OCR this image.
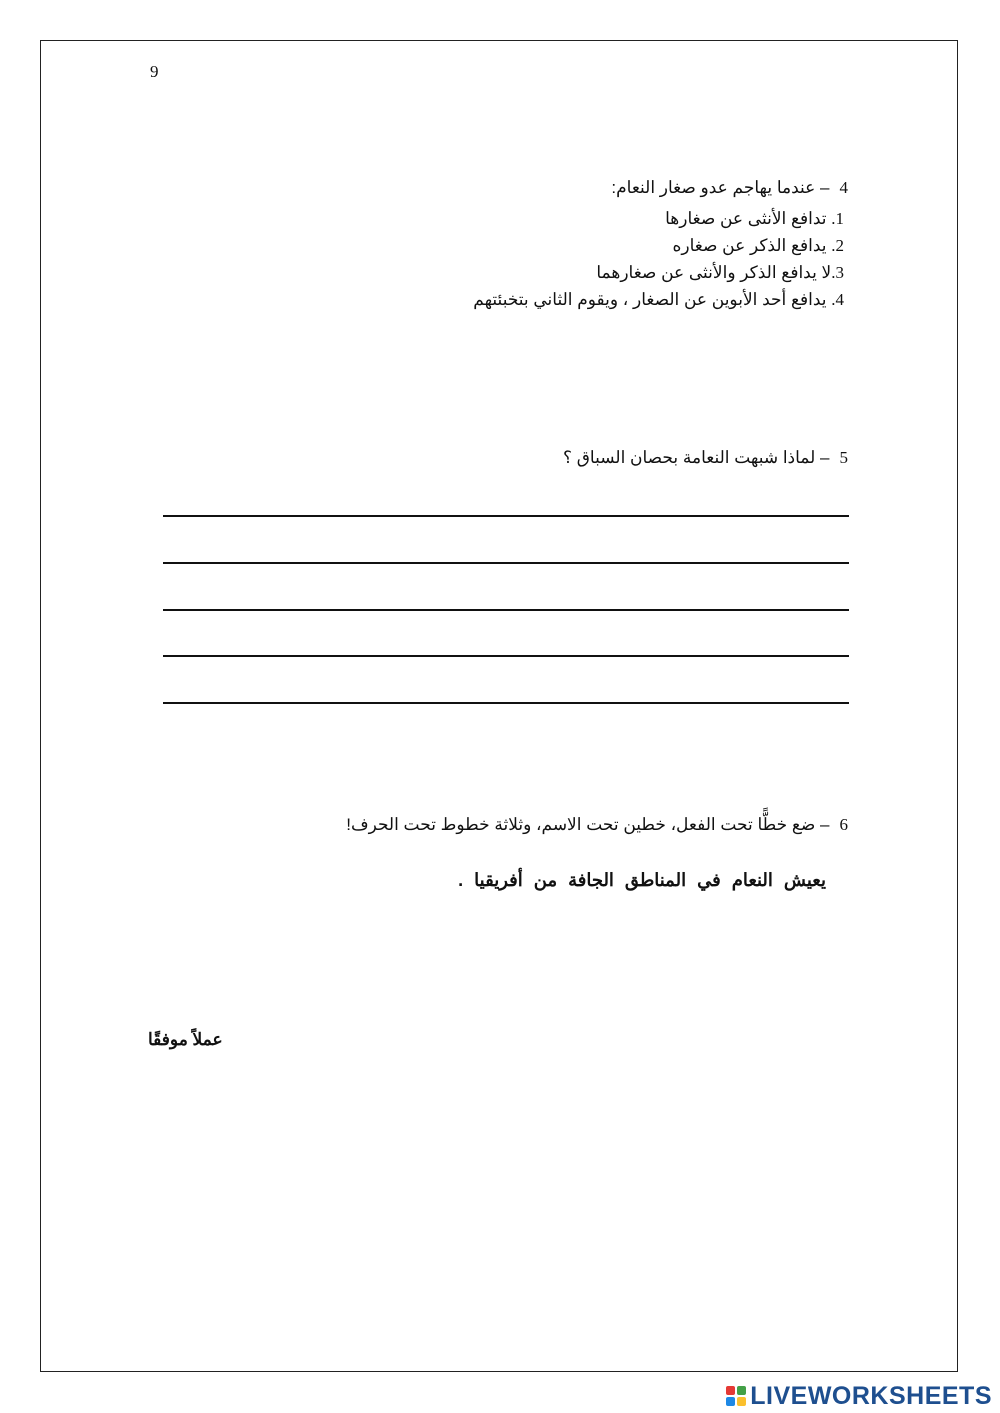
9
4– عندما يهاجم عدو صغار النعام:
1. تدافع الأنثى عن صغارها
2. يدافع الذكر عن صغاره
3.لا يدافع الذكر والأنثى عن صغارهما
4. يدافع أحد الأبوين عن الصغار ، ويقوم الثاني بتخبئتهم
5– لماذا شبهت النعامة بحصان السباق ؟
6– ضع خطًّا تحت الفعل، خطين تحت الاسم، وثلاثة خطوط تحت الحرف!
يعيش النعام في المناطق الجافة من أفريقيا .
عملاً موفقًا
LIVEWORKSHEETS
